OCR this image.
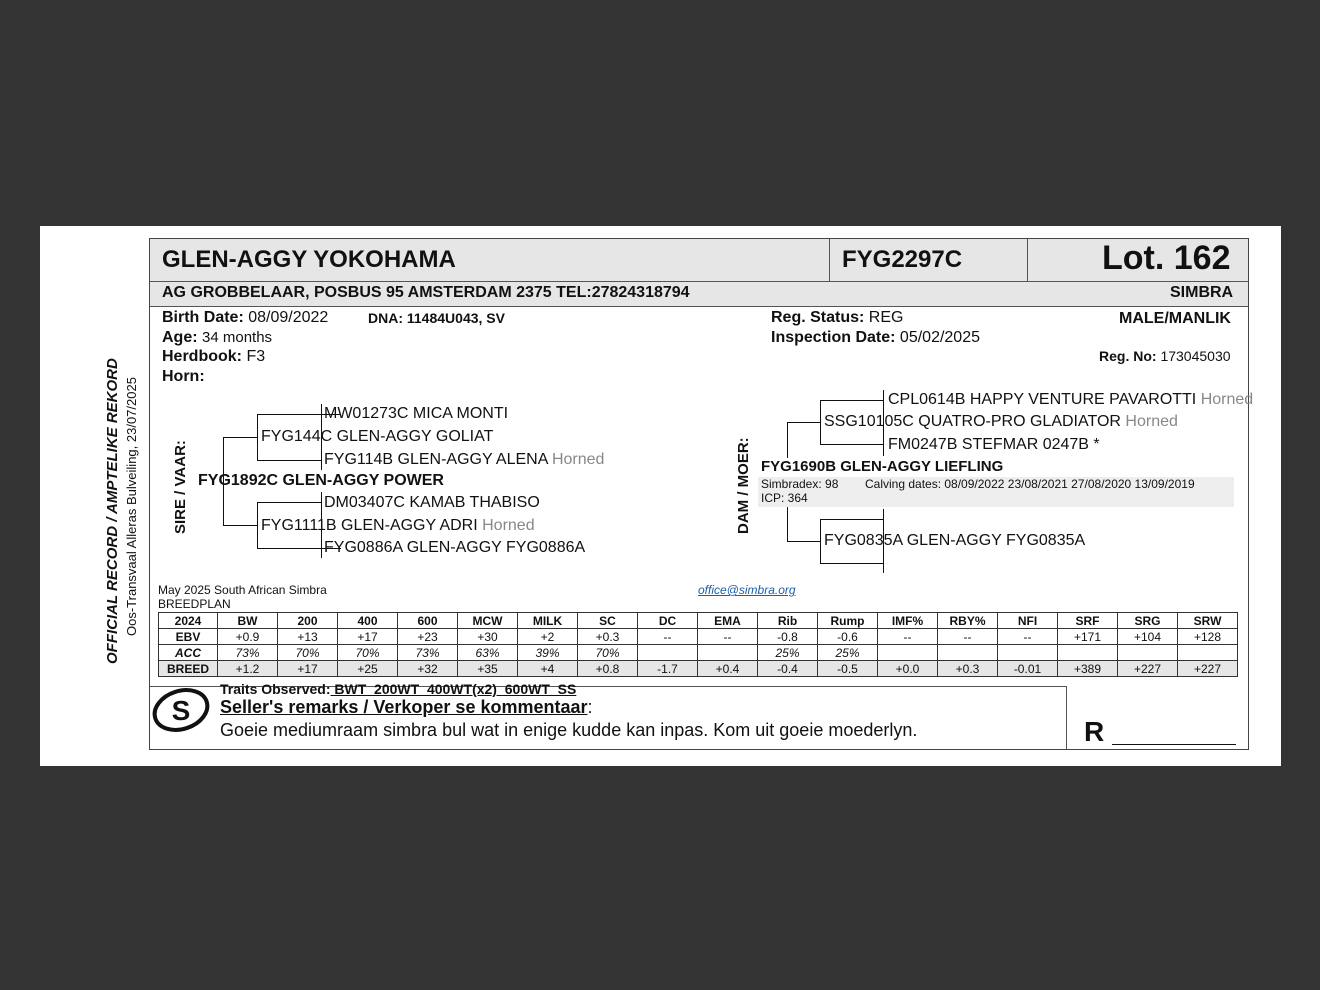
OFFICIAL RECORD / AMPTELIKE REKORD Oos-Transvaal Alleras Bulveiling, 23/07/2025
GLEN-AGGY YOKOHAMA	FYG2297C	Lot. 162
AG GROBBELAAR, POSBUS 95 AMSTERDAM 2375 TEL:27824318794	SIMBRA
Birth Date: 08/09/2022	DNA: 11484U043, SV
Age: 34 months
Herdbook: F3
Horn:
Reg. Status: REG
Inspection Date: 05/02/2025
MALE/MANLIK
Reg. No: 173045030
SIRE / VAAR:
MW01273C MICA MONTI
FYG144C GLEN-AGGY GOLIAT
FYG114B GLEN-AGGY ALENA Horned
FYG1892C GLEN-AGGY POWER
DM03407C KAMAB THABISO
FYG1111B GLEN-AGGY ADRI Horned
FYG0886A GLEN-AGGY FYG0886A
DAM / MOER:
CPL0614B HAPPY VENTURE PAVAROTTI Horned
SSG10105C QUATRO-PRO GLADIATOR Horned
FM0247B STEFMAR 0247B *
FYG1690B GLEN-AGGY LIEFLING
Simbradex: 98 Calving dates: 08/09/2022 23/08/2021 27/08/2020 13/09/2019
ICP: 364
FYG0835A GLEN-AGGY FYG0835A
May 2025 South African Simbra
BREEDPLAN
office@simbra.org
2024	BW	200	400	600	MCW	MILK	SC	DC	EMA	Rib	Rump	IMF%	RBY%	NFI	SRF	SRG	SRW
EBV	+0.9	+13	+17	+23	+30	+2	+0.3	--	--	-0.8	-0.6	--	--	--	+171	+104	+128
ACC	73%	70%	70%	73%	63%	39%	70%			25%	25%						
BREED	+1.2	+17	+25	+32	+35	+4	+0.8	-1.7	+0.4	-0.4	-0.5	+0.0	+0.3	-0.01	+389	+227	+227
S
Traits Observed: BWT  200WT  400WT(x2)  600WT  SS
Seller's remarks / Verkoper se kommentaar:
Goeie mediumraam simbra bul wat in enige kudde kan inpas. Kom uit goeie moederlyn.	R
